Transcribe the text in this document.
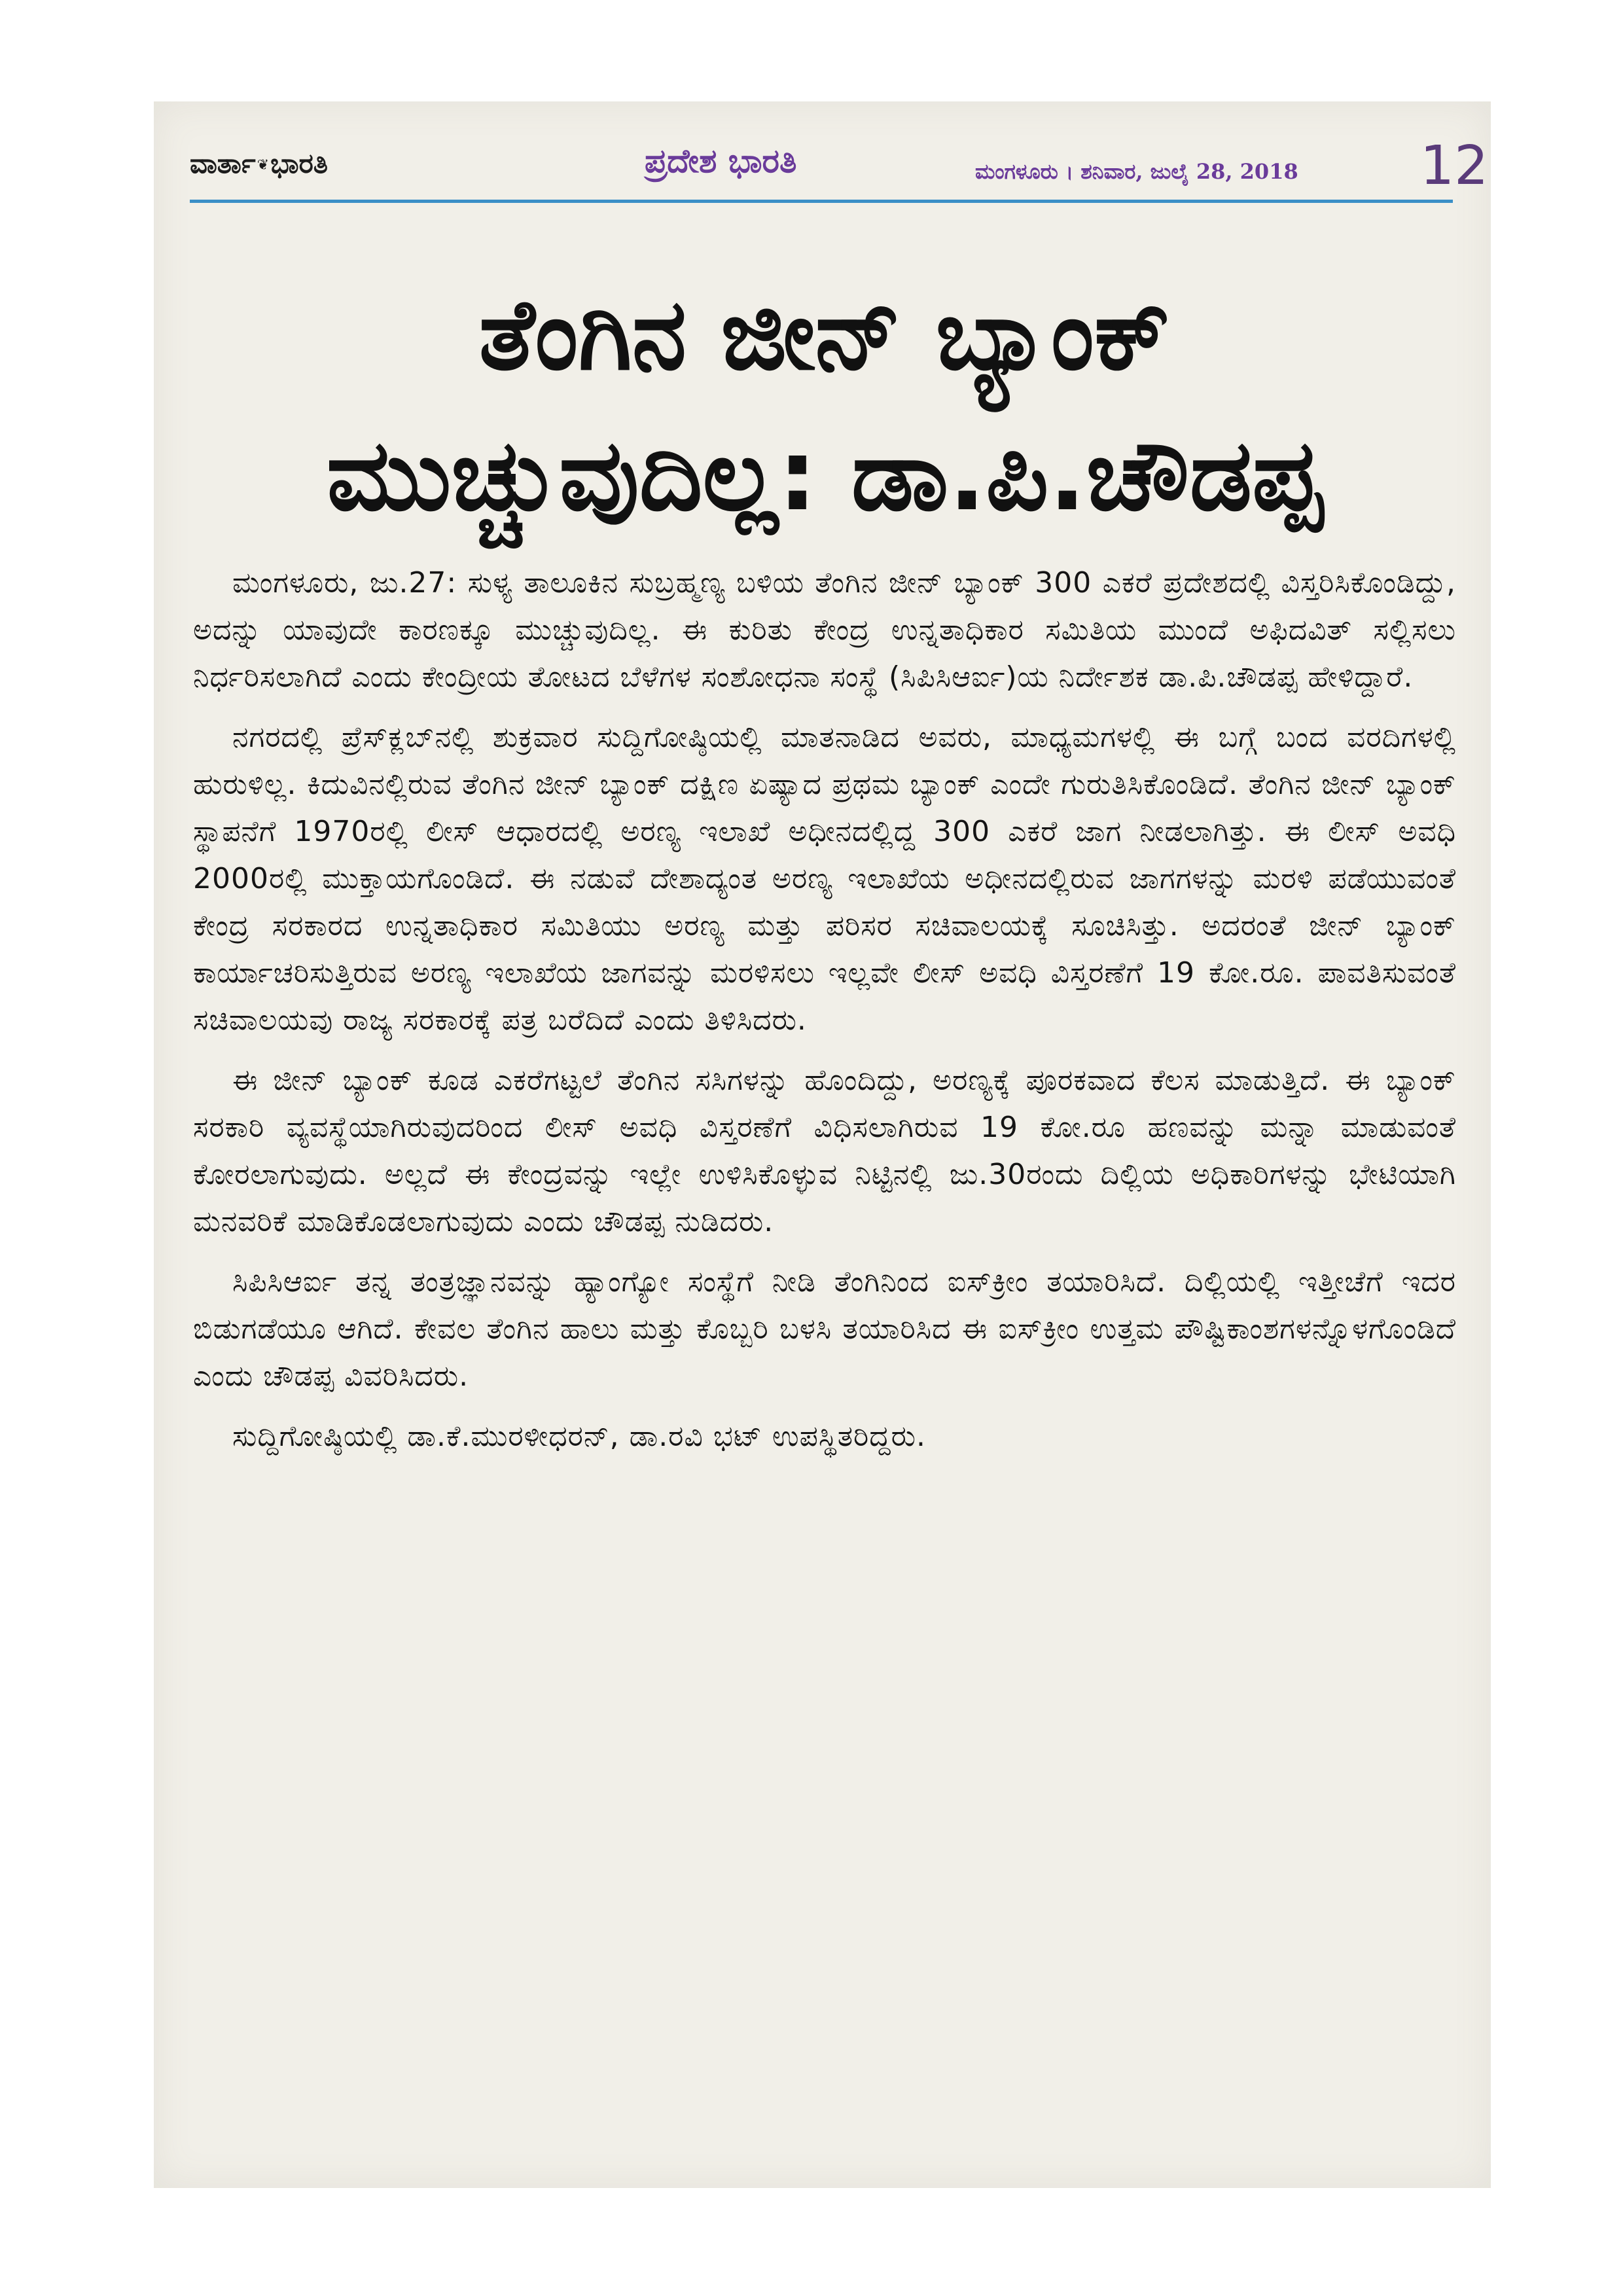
ವಾರ್ತಾ❦ಭಾರತಿ	ಪ್ರದೇಶ ಭಾರತಿ	ಮಂಗಳೂರು । ಶನಿವಾರ, ಜುಲೈ 28, 2018 12
ತೆಂಗಿನ ಜೀನ್ ಬ್ಯಾಂಕ್
ಮುಚ್ಚುವುದಿಲ್ಲ: ಡಾ.ಪಿ.ಚೌಡಪ್ಪ

ಮಂಗಳೂರು, ಜು.27: ಸುಳ್ಯ ತಾಲೂಕಿನ ಸುಬ್ರಹ್ಮಣ್ಯ ಬಳಿಯ ತೆಂಗಿನ ಜೀನ್ ಬ್ಯಾಂಕ್ 300 ಎಕರೆ ಪ್ರದೇಶದಲ್ಲಿ ವಿಸ್ತರಿಸಿಕೊಂಡಿದ್ದು, ಅದನ್ನು ಯಾವುದೇ ಕಾರಣಕ್ಕೂ ಮುಚ್ಚುವುದಿಲ್ಲ. ಈ ಕುರಿತು ಕೇಂದ್ರ ಉನ್ನತಾಧಿಕಾರ ಸಮಿತಿಯ ಮುಂದೆ ಅಫಿದವಿತ್ ಸಲ್ಲಿಸಲು ನಿರ್ಧರಿಸಲಾಗಿದೆ ಎಂದು ಕೇಂದ್ರೀಯ ತೋಟದ ಬೆಳೆಗಳ ಸಂಶೋಧನಾ ಸಂಸ್ಥೆ (ಸಿಪಿಸಿಆರ್ಐ)ಯ ನಿರ್ದೇಶಕ ಡಾ.ಪಿ.ಚೌಡಪ್ಪ ಹೇಳಿದ್ದಾರೆ.

ನಗರದಲ್ಲಿ ಪ್ರೆಸ್‌ಕ್ಲಬ್‌ನಲ್ಲಿ ಶುಕ್ರವಾರ ಸುದ್ದಿಗೋಷ್ಠಿಯಲ್ಲಿ ಮಾತನಾಡಿದ ಅವರು, ಮಾಧ್ಯಮಗಳಲ್ಲಿ ಈ ಬಗ್ಗೆ ಬಂದ ವರದಿಗಳಲ್ಲಿ ಹುರುಳಿಲ್ಲ. ಕಿದುವಿನಲ್ಲಿರುವ ತೆಂಗಿನ ಜೀನ್ ಬ್ಯಾಂಕ್ ದಕ್ಷಿಣ ಏಷ್ಯಾದ ಪ್ರಥಮ ಬ್ಯಾಂಕ್ ಎಂದೇ ಗುರುತಿಸಿಕೊಂಡಿದೆ. ತೆಂಗಿನ ಜೀನ್ ಬ್ಯಾಂಕ್ ಸ್ಥಾಪನೆಗೆ 1970ರಲ್ಲಿ ಲೀಸ್ ಆಧಾರದಲ್ಲಿ ಅರಣ್ಯ ಇಲಾಖೆ ಅಧೀನದಲ್ಲಿದ್ದ 300 ಎಕರೆ ಜಾಗ ನೀಡಲಾಗಿತ್ತು. ಈ ಲೀಸ್ ಅವಧಿ 2000ರಲ್ಲಿ ಮುಕ್ತಾಯಗೊಂಡಿದೆ. ಈ ನಡುವೆ ದೇಶಾದ್ಯಂತ ಅರಣ್ಯ ಇಲಾಖೆಯ ಅಧೀನದಲ್ಲಿರುವ ಜಾಗಗಳನ್ನು ಮರಳಿ ಪಡೆಯುವಂತೆ ಕೇಂದ್ರ ಸರಕಾರದ ಉನ್ನತಾಧಿಕಾರ ಸಮಿತಿಯು ಅರಣ್ಯ ಮತ್ತು ಪರಿಸರ ಸಚಿವಾಲಯಕ್ಕೆ ಸೂಚಿಸಿತ್ತು. ಅದರಂತೆ ಜೀನ್ ಬ್ಯಾಂಕ್ ಕಾರ್ಯಾಚರಿಸುತ್ತಿರುವ ಅರಣ್ಯ ಇಲಾಖೆಯ ಜಾಗವನ್ನು ಮರಳಿಸಲು ಇಲ್ಲವೇ ಲೀಸ್ ಅವಧಿ ವಿಸ್ತರಣೆಗೆ 19 ಕೋ.ರೂ. ಪಾವತಿಸುವಂತೆ ಸಚಿವಾಲಯವು ರಾಜ್ಯ ಸರಕಾರಕ್ಕೆ ಪತ್ರ ಬರೆದಿದೆ ಎಂದು ತಿಳಿಸಿದರು.

ಈ ಜೀನ್ ಬ್ಯಾಂಕ್ ಕೂಡ ಎಕರೆಗಟ್ಟಲೆ ತೆಂಗಿನ ಸಸಿಗಳನ್ನು ಹೊಂದಿದ್ದು, ಅರಣ್ಯಕ್ಕೆ ಪೂರಕವಾದ ಕೆಲಸ ಮಾಡುತ್ತಿದೆ. ಈ ಬ್ಯಾಂಕ್ ಸರಕಾರಿ ವ್ಯವಸ್ಥೆಯಾಗಿರುವುದರಿಂದ ಲೀಸ್ ಅವಧಿ ವಿಸ್ತರಣೆಗೆ ವಿಧಿಸಲಾಗಿರುವ 19 ಕೋ.ರೂ ಹಣವನ್ನು ಮನ್ನಾ ಮಾಡುವಂತೆ ಕೋರಲಾಗುವುದು. ಅಲ್ಲದೆ ಈ ಕೇಂದ್ರವನ್ನು ಇಲ್ಲೇ ಉಳಿಸಿಕೊಳ್ಳುವ ನಿಟ್ಟಿನಲ್ಲಿ ಜು.30ರಂದು ದಿಲ್ಲಿಯ ಅಧಿಕಾರಿಗಳನ್ನು ಭೇಟಿಯಾಗಿ ಮನವರಿಕೆ ಮಾಡಿಕೊಡಲಾಗುವುದು ಎಂದು ಚೌಡಪ್ಪ ನುಡಿದರು.

ಸಿಪಿಸಿಆರ್ಐ ತನ್ನ ತಂತ್ರಜ್ಞಾನವನ್ನು ಹ್ಯಾಂಗ್ಯೋ ಸಂಸ್ಥೆಗೆ ನೀಡಿ ತೆಂಗಿನಿಂದ ಐಸ್‌ಕ್ರೀಂ ತಯಾರಿಸಿದೆ. ದಿಲ್ಲಿಯಲ್ಲಿ ಇತ್ತೀಚೆಗೆ ಇದರ ಬಿಡುಗಡೆಯೂ ಆಗಿದೆ. ಕೇವಲ ತೆಂಗಿನ ಹಾಲು ಮತ್ತು ಕೊಬ್ಬರಿ ಬಳಸಿ ತಯಾರಿಸಿದ ಈ ಐಸ್‌ಕ್ರೀಂ ಉತ್ತಮ ಪೌಷ್ಟಿಕಾಂಶಗಳನ್ನೊಳಗೊಂಡಿದೆ ಎಂದು ಚೌಡಪ್ಪ ವಿವರಿಸಿದರು.

ಸುದ್ದಿಗೋಷ್ಠಿಯಲ್ಲಿ ಡಾ.ಕೆ.ಮುರಳೀಧರನ್, ಡಾ.ರವಿ ಭಟ್ ಉಪಸ್ಥಿತರಿದ್ದರು.
